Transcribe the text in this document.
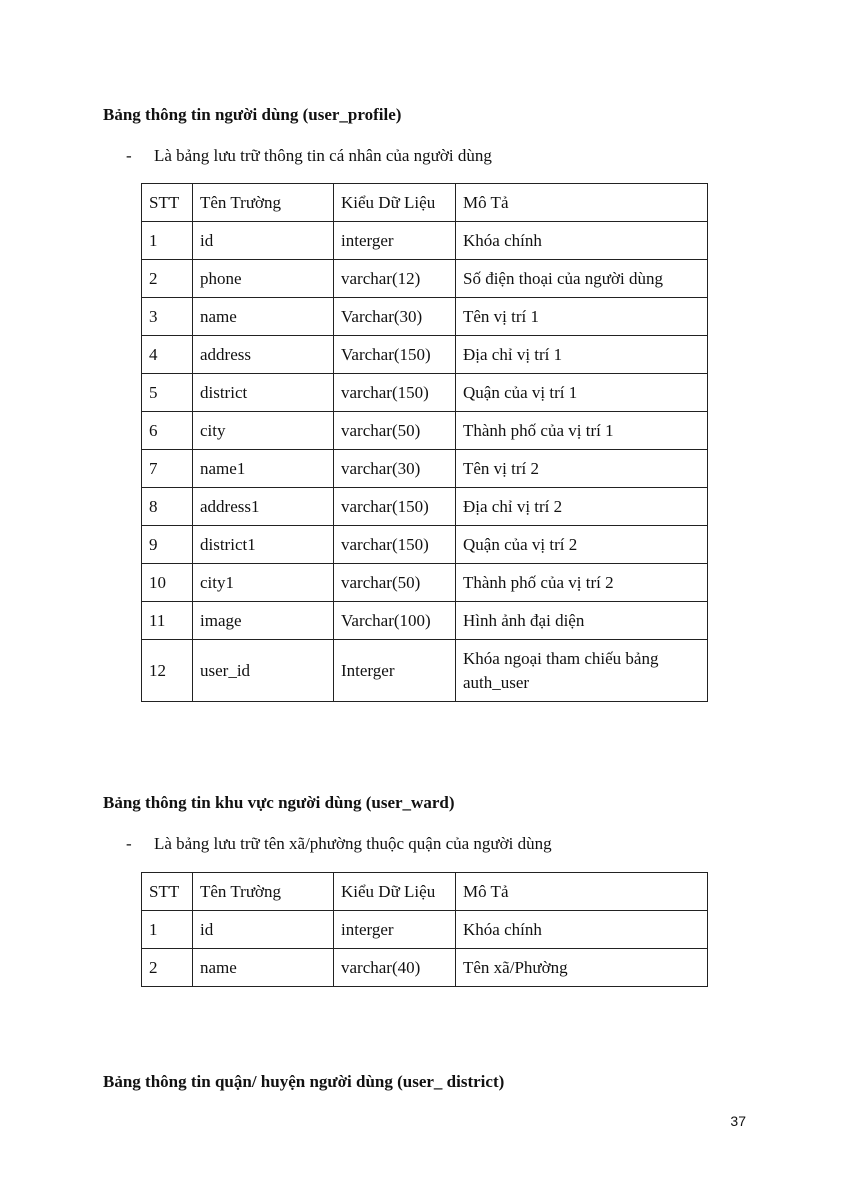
Bảng thông tin người dùng (user_profile)
- Là bảng lưu trữ thông tin cá nhân của người dùng
STT	Tên Trường	Kiểu Dữ Liệu	Mô Tả
1	id	interger	Khóa chính
2	phone	varchar(12)	Số điện thoại của người dùng
3	name	Varchar(30)	Tên vị trí 1
4	address	Varchar(150)	Địa chỉ vị trí 1
5	district	varchar(150)	Quận của vị trí 1
6	city	varchar(50)	Thành phố của vị trí 1
7	name1	varchar(30)	Tên vị trí 2
8	address1	varchar(150)	Địa chỉ vị trí 2
9	district1	varchar(150)	Quận của vị trí 2
10	city1	varchar(50)	Thành phố của vị trí 2
11	image	Varchar(100)	Hình ảnh đại diện
12	user_id	Interger	Khóa ngoại tham chiếu bảng auth_user
Bảng thông tin khu vực người dùng (user_ward)
- Là bảng lưu trữ tên xã/phường thuộc quận của người dùng
STT	Tên Trường	Kiểu Dữ Liệu	Mô Tả
1	id	interger	Khóa chính
2	name	varchar(40)	Tên xã/Phường
Bảng thông tin quận/ huyện người dùng (user_ district)
37
